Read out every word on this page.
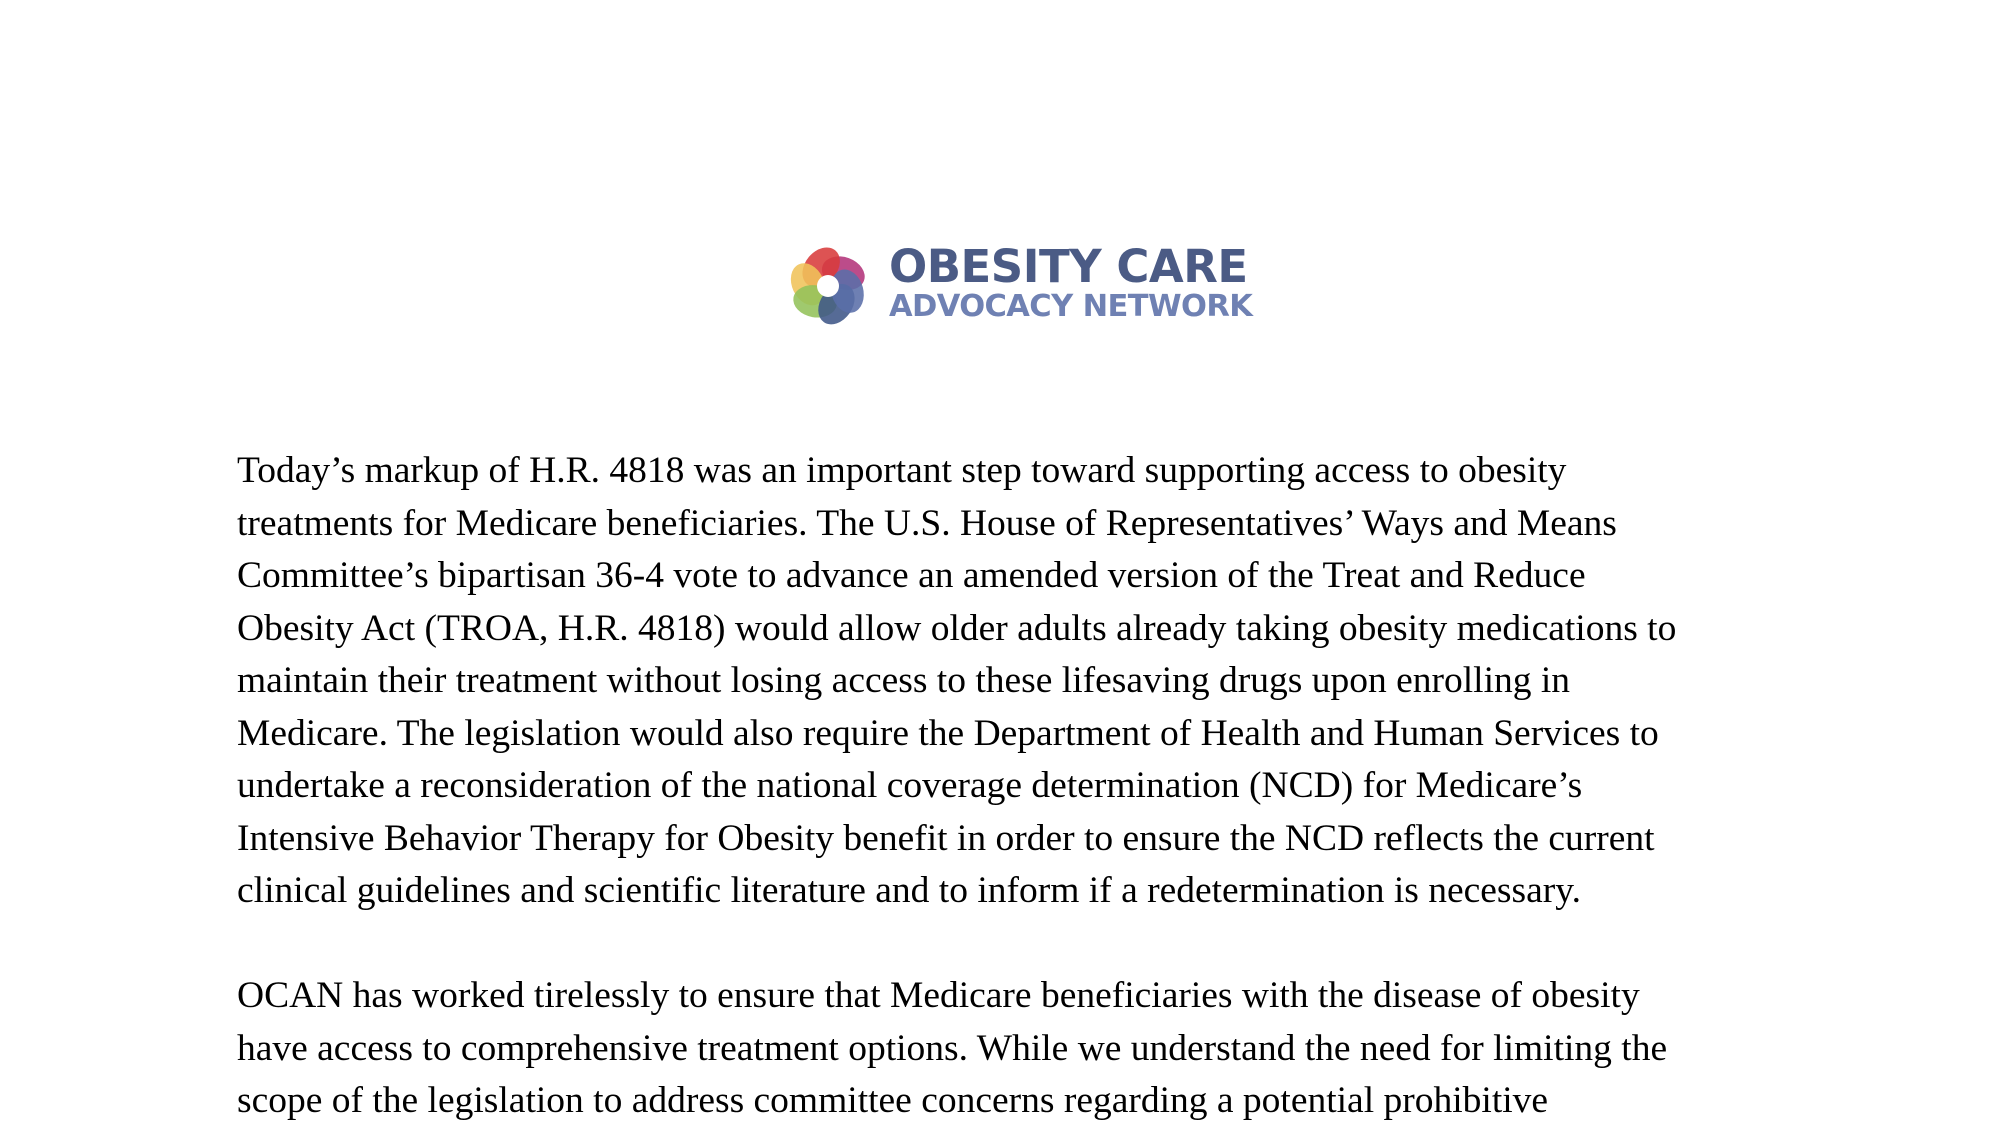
OBESITY CARE
ADVOCACY NETWORK
Today’s markup of H.R. 4818 was an important step toward supporting access to obesity
treatments for Medicare beneficiaries. The U.S. House of Representatives’ Ways and Means
Committee’s bipartisan 36-4 vote to advance an amended version of the Treat and Reduce
Obesity Act (TROA, H.R. 4818) would allow older adults already taking obesity medications to
maintain their treatment without losing access to these lifesaving drugs upon enrolling in
Medicare. The legislation would also require the Department of Health and Human Services to
undertake a reconsideration of the national coverage determination (NCD) for Medicare’s
Intensive Behavior Therapy for Obesity benefit in order to ensure the NCD reflects the current
clinical guidelines and scientific literature and to inform if a redetermination is necessary.
OCAN has worked tirelessly to ensure that Medicare beneficiaries with the disease of obesity
have access to comprehensive treatment options. While we understand the need for limiting the
scope of the legislation to address committee concerns regarding a potential prohibitive
